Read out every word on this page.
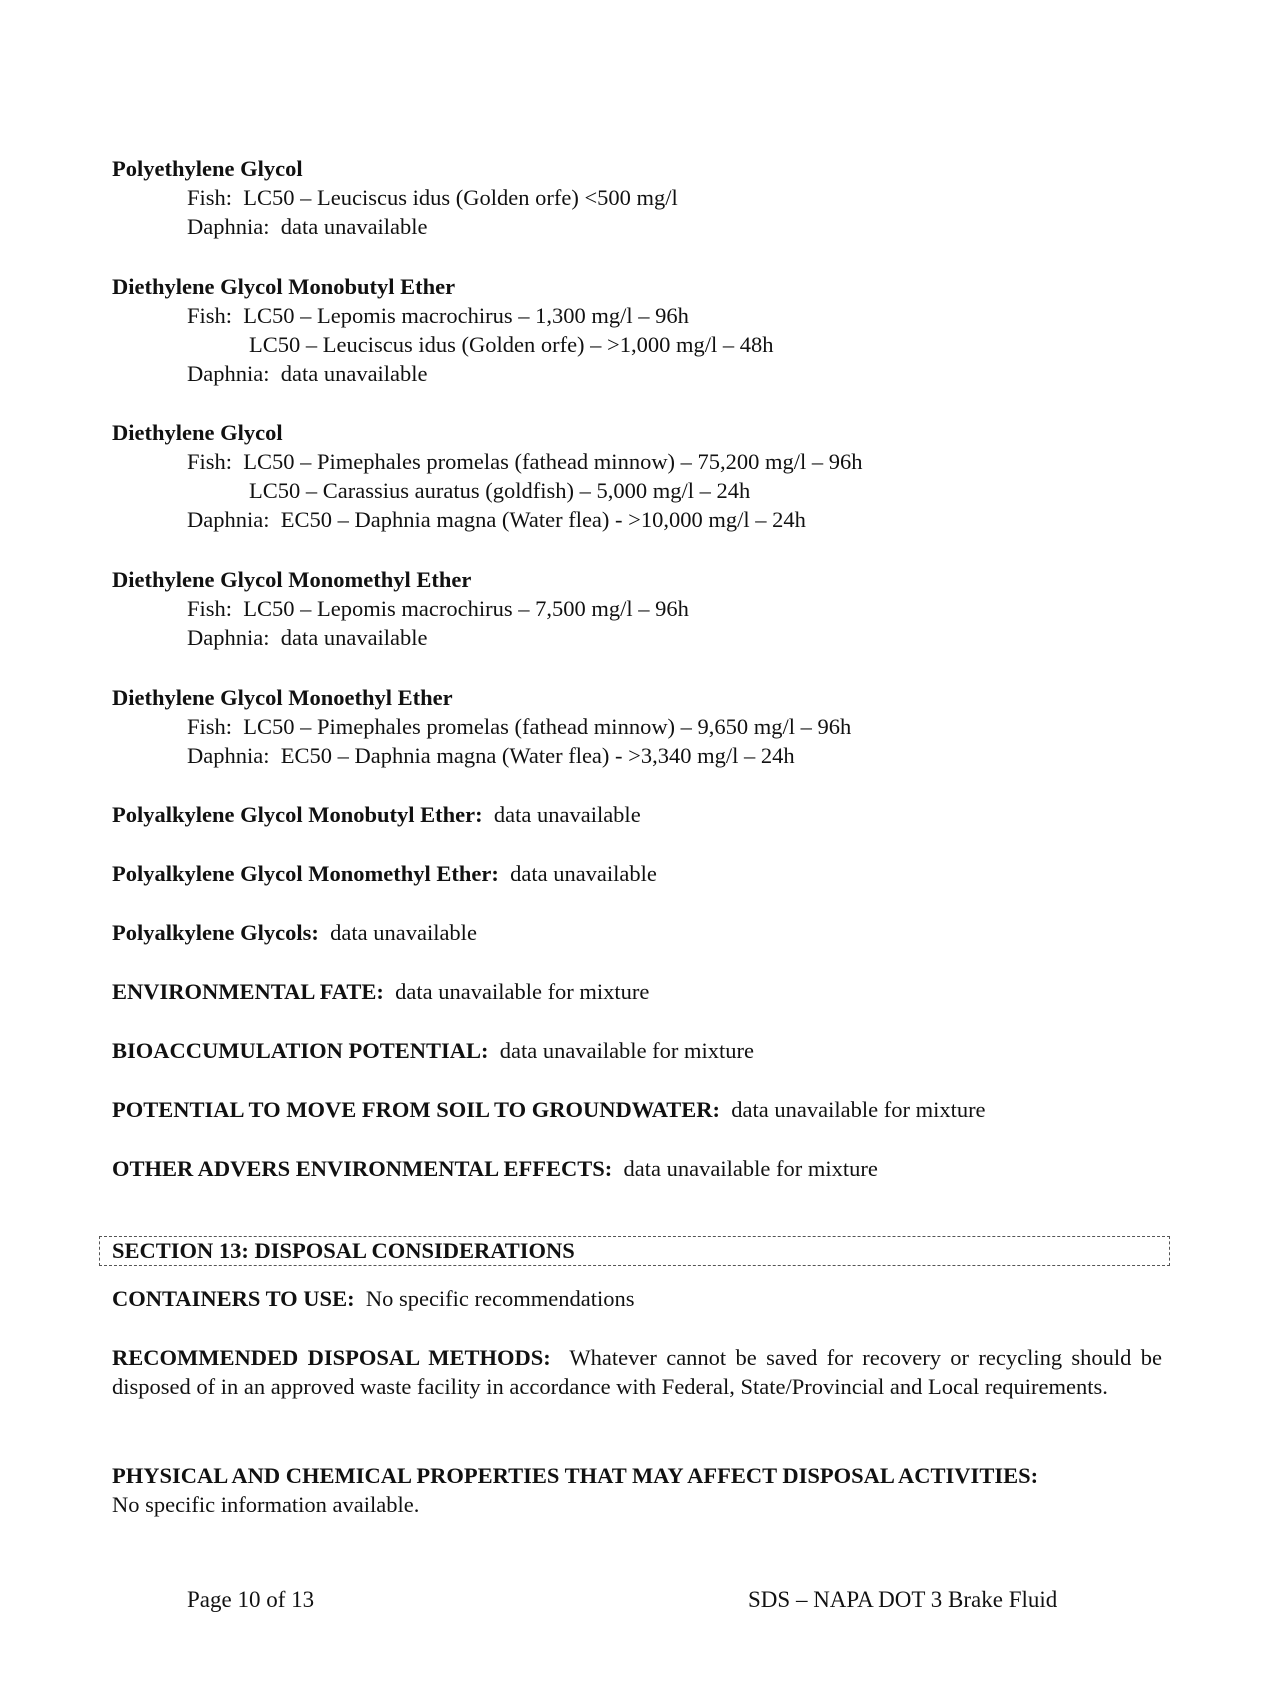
Polyethylene Glycol
Fish: LC50 – Leuciscus idus (Golden orfe) <500 mg/l
Daphnia: data unavailable
Diethylene Glycol Monobutyl Ether
Fish: LC50 – Lepomis macrochirus – 1,300 mg/l – 96h
LC50 – Leuciscus idus (Golden orfe) – >1,000 mg/l – 48h
Daphnia: data unavailable
Diethylene Glycol
Fish: LC50 – Pimephales promelas (fathead minnow) – 75,200 mg/l – 96h
LC50 – Carassius auratus (goldfish) – 5,000 mg/l – 24h
Daphnia: EC50 – Daphnia magna (Water flea) - >10,000 mg/l – 24h
Diethylene Glycol Monomethyl Ether
Fish: LC50 – Lepomis macrochirus – 7,500 mg/l – 96h
Daphnia: data unavailable
Diethylene Glycol Monoethyl Ether
Fish: LC50 – Pimephales promelas (fathead minnow) – 9,650 mg/l – 96h
Daphnia: EC50 – Daphnia magna (Water flea) - >3,340 mg/l – 24h
Polyalkylene Glycol Monobutyl Ether: data unavailable
Polyalkylene Glycol Monomethyl Ether: data unavailable
Polyalkylene Glycols: data unavailable
ENVIRONMENTAL FATE: data unavailable for mixture
BIOACCUMULATION POTENTIAL: data unavailable for mixture
POTENTIAL TO MOVE FROM SOIL TO GROUNDWATER: data unavailable for mixture
OTHER ADVERS ENVIRONMENTAL EFFECTS: data unavailable for mixture
SECTION 13: DISPOSAL CONSIDERATIONS
CONTAINERS TO USE: No specific recommendations
RECOMMENDED DISPOSAL METHODS: Whatever cannot be saved for recovery or recycling should be disposed of in an approved waste facility in accordance with Federal, State/Provincial and Local requirements.
PHYSICAL AND CHEMICAL PROPERTIES THAT MAY AFFECT DISPOSAL ACTIVITIES:
No specific information available.
Page 10 of 13	SDS – NAPA DOT 3 Brake Fluid
